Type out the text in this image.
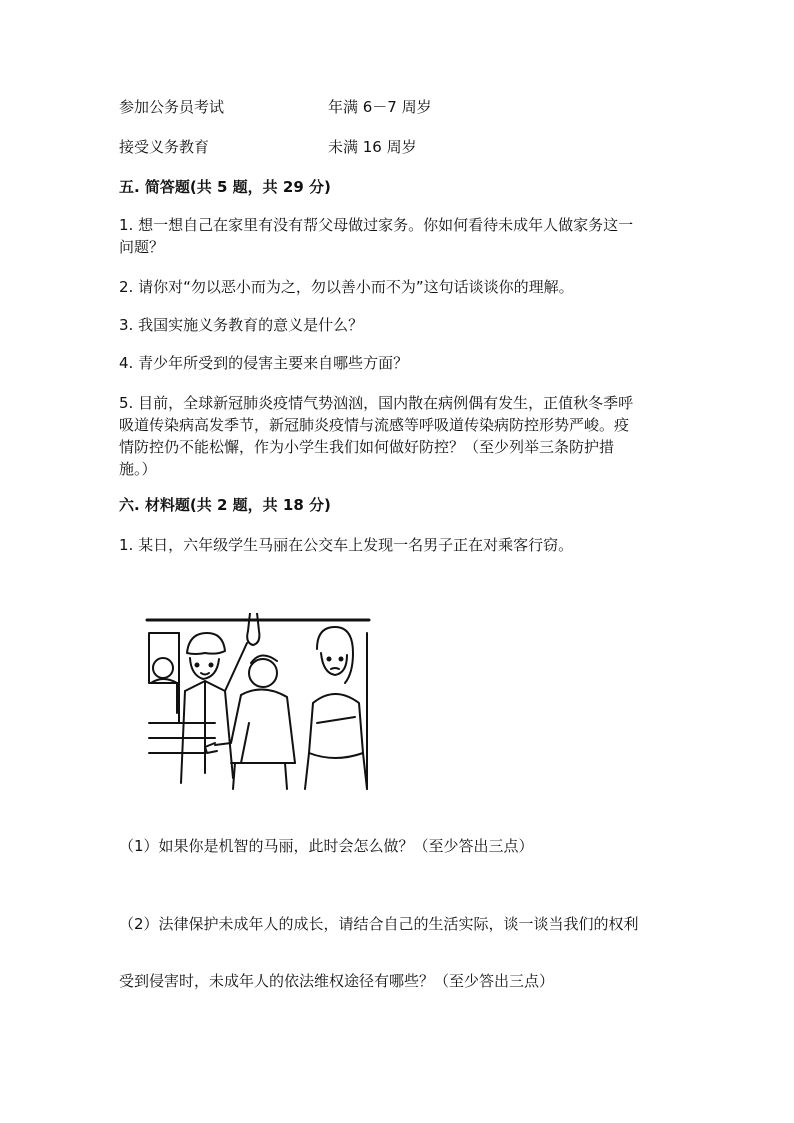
参加公务员考试	年满 6－7 周岁
接受义务教育	未满 16 周岁
五. 简答题(共 5 题，共 29 分)
1. 想一想自己在家里有没有帮父母做过家务。你如何看待未成年人做家务这一
问题？
2. 请你对“勿以恶小而为之，勿以善小而不为”这句话谈谈你的理解。
3. 我国实施义务教育的意义是什么？
4. 青少年所受到的侵害主要来自哪些方面？
5. 目前，全球新冠肺炎疫情气势汹汹，国内散在病例偶有发生，正值秋冬季呼
吸道传染病高发季节，新冠肺炎疫情与流感等呼吸道传染病防控形势严峻。疫
情防控仍不能松懈，作为小学生我们如何做好防控？（至少列举三条防护措
施。）
六. 材料题(共 2 题，共 18 分)
1. 某日，六年级学生马丽在公交车上发现一名男子正在对乘客行窃。
（1）如果你是机智的马丽，此时会怎么做？（至少答出三点）
（2）法律保护未成年人的成长，请结合自己的生活实际，谈一谈当我们的权利
受到侵害时，未成年人的依法维权途径有哪些？（至少答出三点）
